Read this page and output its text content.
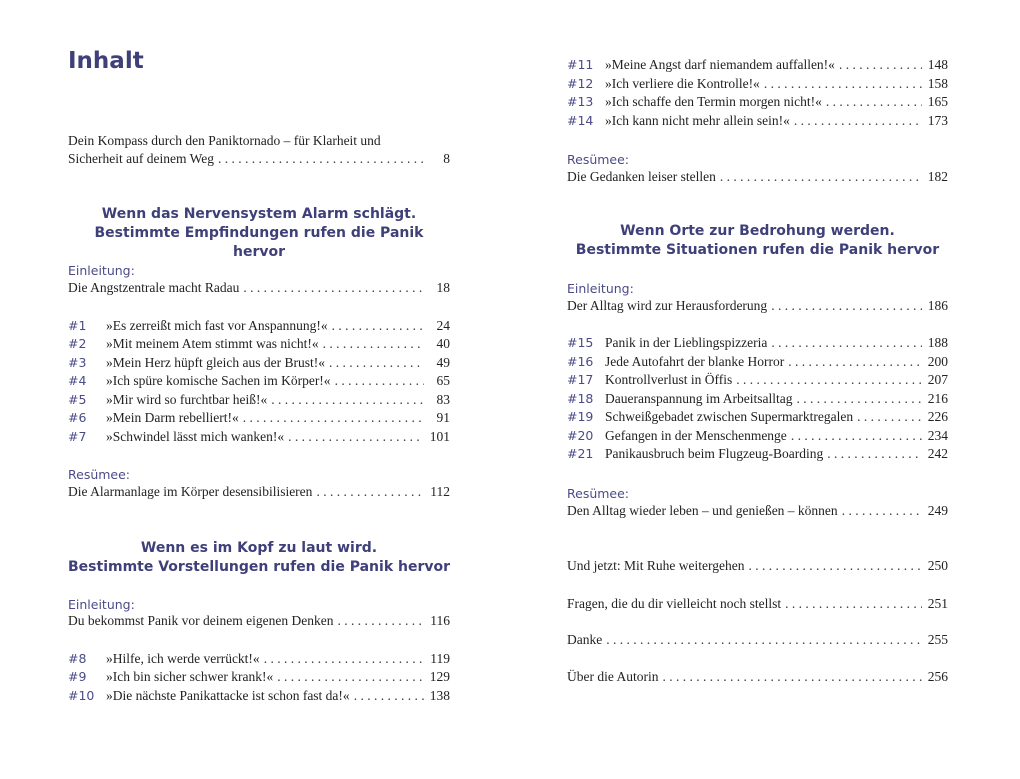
Inhalt
Dein Kompass durch den Paniktornado – für Klarheit und
Sicherheit auf deinem Weg . . .	8
Wenn das Nervensystem Alarm schlägt.
Bestimmte Empfindungen rufen die Panik hervor
Einleitung:
Die Angstzentrale macht Radau . . .	18
#1	»Es zerreißt mich fast vor Anspannung!« . . .	24
#2	»Mit meinem Atem stimmt was nicht!« . . .	40
#3	»Mein Herz hüpft gleich aus der Brust!« . . .	49
#4	»Ich spüre komische Sachen im Körper!« . . .	65
#5	»Mir wird so furchtbar heiß!« . . .	83
#6	»Mein Darm rebelliert!« . . .	91
#7	»Schwindel lässt mich wanken!« . . .	101
Resümee:
Die Alarmanlage im Körper desensibilisieren . . .	112
Wenn es im Kopf zu laut wird.
Bestimmte Vorstellungen rufen die Panik hervor
Einleitung:
Du bekommst Panik vor deinem eigenen Denken . . .	116
#8	»Hilfe, ich werde verrückt!« . . .	119
#9	»Ich bin sicher schwer krank!« . . .	129
#10 »Die nächste Panikattacke ist schon fast da!« . . .	138
#11 »Meine Angst darf niemandem auffallen!« . . .	148
#12 »Ich verliere die Kontrolle!« . . .	158
#13 »Ich schaffe den Termin morgen nicht!« . . .	165
#14 »Ich kann nicht mehr allein sein!« . . .	173
Resümee:
Die Gedanken leiser stellen . . .	182
Wenn Orte zur Bedrohung werden.
Bestimmte Situationen rufen die Panik hervor
Einleitung:
Der Alltag wird zur Herausforderung . . .	186
#15 Panik in der Lieblingspizzeria . . .	188
#16 Jede Autofahrt der blanke Horror . . .	200
#17 Kontrollverlust in Öffis . . .	207
#18 Daueranspannung im Arbeitsalltag . . .	216
#19 Schweißgebadet zwischen Supermarktregalen . . .	226
#20 Gefangen in der Menschenmenge . . .	234
#21 Panikausbruch beim Flugzeug-Boarding . . .	242
Resümee:
Den Alltag wieder leben – und genießen – können . . .	249
Und jetzt: Mit Ruhe weitergehen . . .	250
Fragen, die du dir vielleicht noch stellst . . .	251
Danke . . .	255
Über die Autorin . . .	256
